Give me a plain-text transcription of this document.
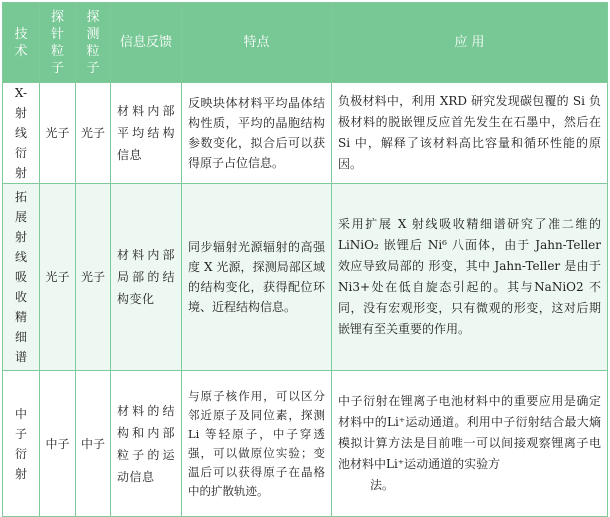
技术	探针粒子	探测粒子	信息反馈	特点	应 用

X-射线衍射	光子	光子	材料内部平均结构信息	反映块体材料平均晶体结构性质，平均的晶胞结构参数变化，拟合后可以获得原子占位信息。	负极材料中，利用 XRD 研究发现碳包覆的 Si 负极材料的脱嵌锂反应首先发生在石墨中，然后在 Si 中，解释了该材料高比容量和循环性能的原因。

拓展射线吸收精细谱	光子	光子	材料内部局部的结构变化	同步辐射光源辐射的高强度 X 光源，探测局部区域的结构变化，获得配位环境、近程结构信息。	采用扩展 X 射线吸收精细谱研究了准二维的 LiNiO₂ 嵌锂后 Ni⁶ 八面体，由于 Jahn-Teller 效应导致局部的 形变，其中 Jahn-Teller 是由于 Ni3+处在低自旋态引起的。其与NaNiO2 不同，没有宏观形变，只有微观的形变，这对后期嵌锂有至关重要的作用。

中子衍射	中子	中子	材料的结构和内部粒子的运动信息	与原子核作用，可以区分邻近原子及同位素，探测 Li 等轻原子，中子穿透强，可以做原位实验；变温后可以获得原子在晶格中的扩散轨迹。	中子衍射在锂离子电池材料中的重要应用是确定材料中的Li⁺运动通道。利用中子衍射结合最大熵模拟计算方法是目前唯一可以间接观察锂离子电池材料中Li⁺运动通道的实验方
法。
